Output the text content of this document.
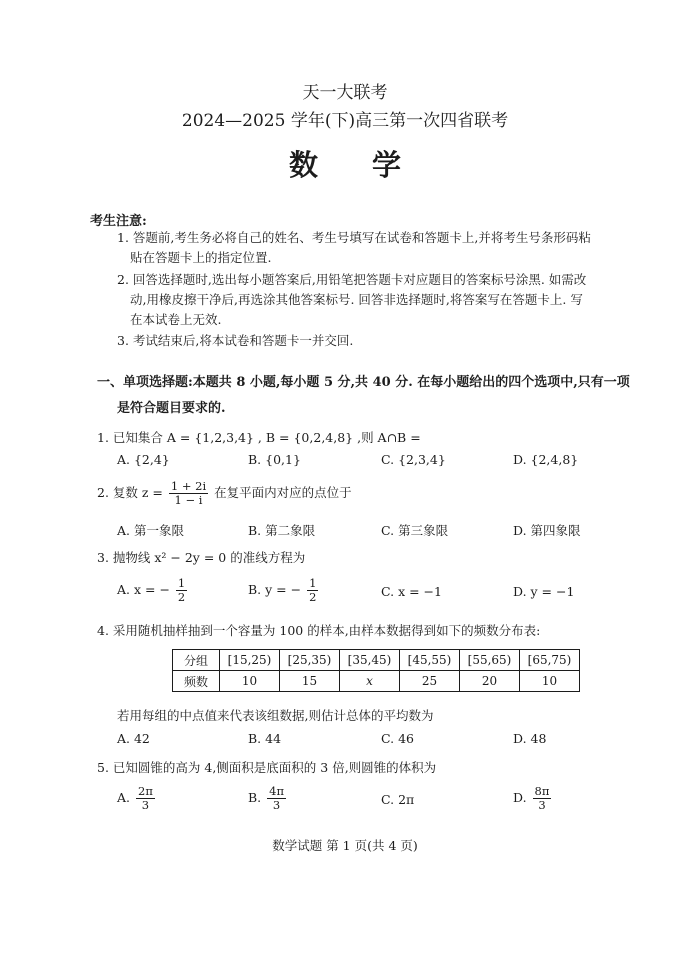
天一大联考
2024—2025 学年(下)高三第一次四省联考
数 学
考生注意:
1. 答题前,考生务必将自己的姓名、考生号填写在试卷和答题卡上,并将考生号条形码粘
贴在答题卡上的指定位置.
2. 回答选择题时,选出每小题答案后,用铅笔把答题卡对应题目的答案标号涂黑. 如需改
动,用橡皮擦干净后,再选涂其他答案标号. 回答非选择题时,将答案写在答题卡上. 写
在本试卷上无效.
3. 考试结束后,将本试卷和答题卡一并交回.
一、单项选择题:本题共 8 小题,每小题 5 分,共 40 分. 在每小题给出的四个选项中,只有一项
是符合题目要求的.
1. 已知集合 A = {1,2,3,4} , B = {0,2,4,8} ,则 A∩B =
A. {2,4}	B. {0,1}	C. {2,3,4}	D. {2,4,8}
2. 复数 $z = \frac{1 + 2i}{1 - i}$ 在复平面内对应的点位于
A. 第一象限	B. 第二象限	C. 第三象限	D. 第四象限
3. 抛物线 x² − 2y = 0 的准线方程为
A. x = − $\frac{1}{2}$	B. y = − $\frac{1}{2}$	C. x = −1	D. y = −1
4. 采用随机抽样抽到一个容量为 100 的样本,由样本数据得到如下的频数分布表:
分组	[15,25)	[25,35)	[35,45)	[45,55)	[55,65)	[65,75)
频数	10	15	x	25	20	10
若用每组的中点值来代表该组数据,则估计总体的平均数为
A. 42	B. 44	C. 46	D. 48
5. 已知圆锥的高为 4,侧面积是底面积的 3 倍,则圆锥的体积为
A. $\frac{2\pi}{3}$	B. $\frac{4\pi}{3}$	C. 2π	D. $\frac{8\pi}{3}$
数学试题 第 1 页(共 4 页)
